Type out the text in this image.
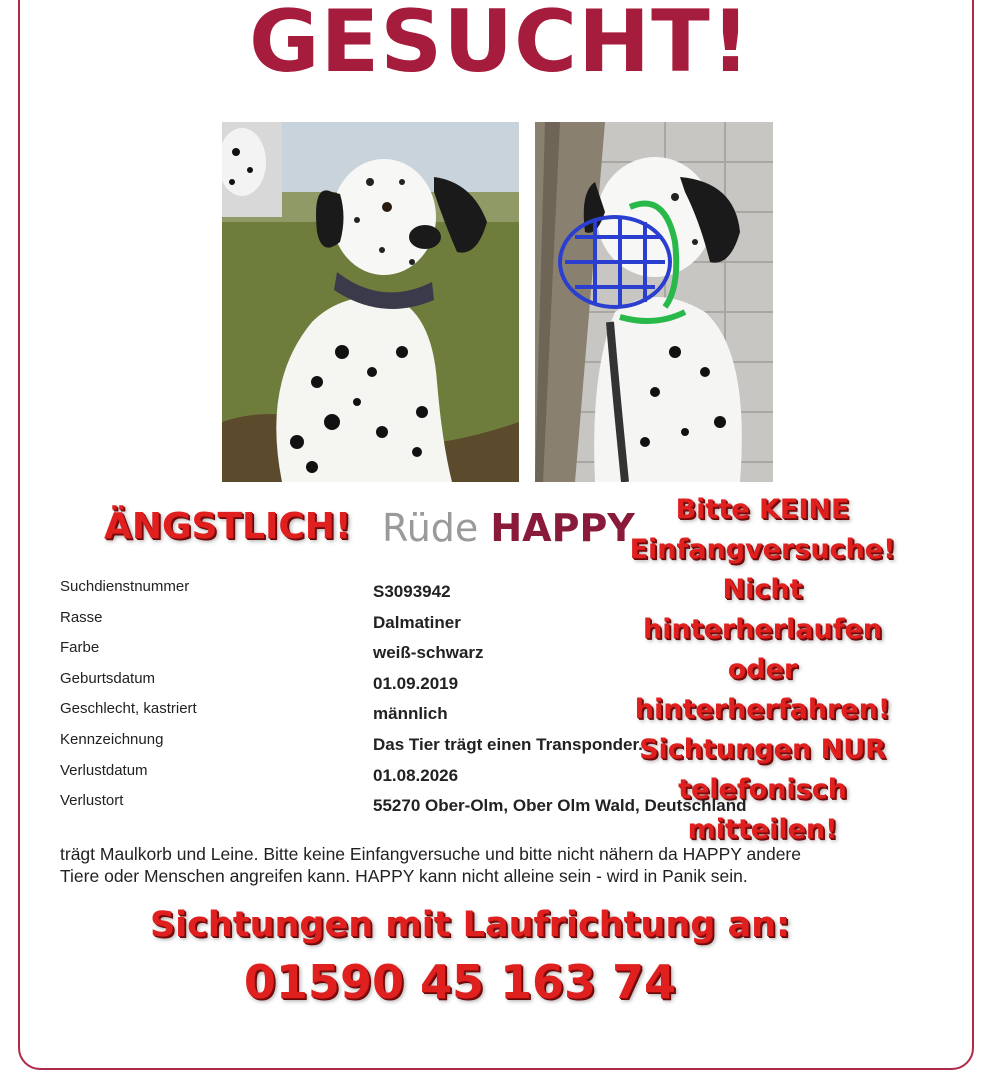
GESUCHT!
ÄNGSTLICH! Rüde HAPPY	Bitte KEINE
Einfangversuche!
Nicht hinterherlaufen
oder hinterherfahren!
Sichtungen NUR
telefonisch mitteilen!
Suchdienstnummer	S3093942
Rasse	Dalmatiner
Farbe	weiß-schwarz
Geburtsdatum	01.09.2019
Geschlecht, kastriert	männlich
Kennzeichnung	Das Tier trägt einen Transponder.
Verlustdatum	01.08.2026
Verlustort	55270 Ober-Olm, Ober Olm Wald, Deutschland
trägt Maulkorb und Leine. Bitte keine Einfangversuche und bitte nicht nähern da HAPPY andere
Tiere oder Menschen angreifen kann. HAPPY kann nicht alleine sein - wird in Panik sein.
Sichtungen mit Laufrichtung an:
01590 45 163 74
